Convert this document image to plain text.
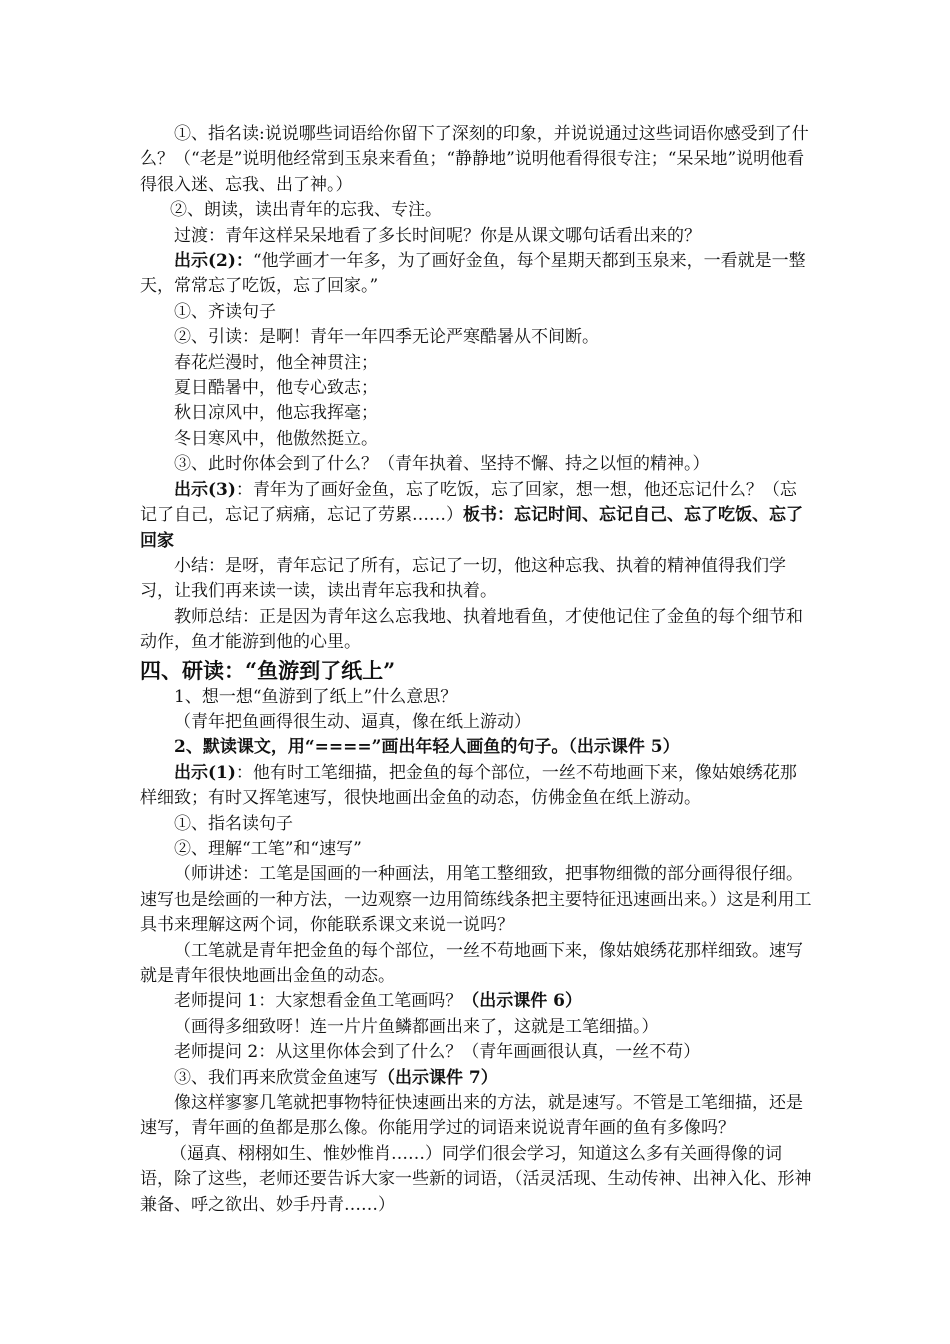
①、指名读:说说哪些词语给你留下了深刻的印象，并说说通过这些词语你感受到了什么？（“老是”说明他经常到玉泉来看鱼；“静静地”说明他看得很专注；“呆呆地”说明他看得很入迷、忘我、出了神。）

②、朗读，读出青年的忘我、专注。

过渡：青年这样呆呆地看了多长时间呢？你是从课文哪句话看出来的？

出示(2)：“他学画才一年多，为了画好金鱼，每个星期天都到玉泉来，一看就是一整天，常常忘了吃饭，忘了回家。”

①、齐读句子

②、引读：是啊！青年一年四季无论严寒酷暑从不间断。

春花烂漫时，他全神贯注；

夏日酷暑中，他专心致志；

秋日凉风中，他忘我挥毫；

冬日寒风中，他傲然挺立。

③、此时你体会到了什么？（青年执着、坚持不懈、持之以恒的精神。）

出示(3)：青年为了画好金鱼，忘了吃饭，忘了回家，想一想，他还忘记什么？（忘记了自己，忘记了病痛，忘记了劳累……）板书：忘记时间、忘记自己、忘了吃饭、忘了回家

小结：是呀，青年忘记了所有，忘记了一切，他这种忘我、执着的精神值得我们学习，让我们再来读一读，读出青年忘我和执着。

教师总结：正是因为青年这么忘我地、执着地看鱼，才使他记住了金鱼的每个细节和动作，鱼才能游到他的心里。

四、研读：“鱼游到了纸上”

1、想一想“鱼游到了纸上”什么意思？

（青年把鱼画得很生动、逼真，像在纸上游动）

2、默读课文，用“====”画出年轻人画鱼的句子。（出示课件 5）

出示(1)：他有时工笔细描，把金鱼的每个部位，一丝不苟地画下来，像姑娘绣花那样细致；有时又挥笔速写，很快地画出金鱼的动态，仿佛金鱼在纸上游动。

①、指名读句子

②、理解“工笔”和“速写”

（师讲述：工笔是国画的一种画法，用笔工整细致，把事物细微的部分画得很仔细。速写也是绘画的一种方法，一边观察一边用简练线条把主要特征迅速画出来。）这是利用工具书来理解这两个词，你能联系课文来说一说吗？

（工笔就是青年把金鱼的每个部位，一丝不苟地画下来，像姑娘绣花那样细致。速写就是青年很快地画出金鱼的动态。

老师提问 1：大家想看金鱼工笔画吗？（出示课件 6）

（画得多细致呀！连一片片鱼鳞都画出来了，这就是工笔细描。）

老师提问 2：从这里你体会到了什么？（青年画画很认真，一丝不苟）

③、我们再来欣赏金鱼速写（出示课件 7）

像这样寥寥几笔就把事物特征快速画出来的方法，就是速写。不管是工笔细描，还是速写，青年画的鱼都是那么像。你能用学过的词语来说说青年画的鱼有多像吗？

（逼真、栩栩如生、惟妙惟肖……）同学们很会学习，知道这么多有关画得像的词语，除了这些，老师还要告诉大家一些新的词语，（活灵活现、生动传神、出神入化、形神兼备、呼之欲出、妙手丹青……）
